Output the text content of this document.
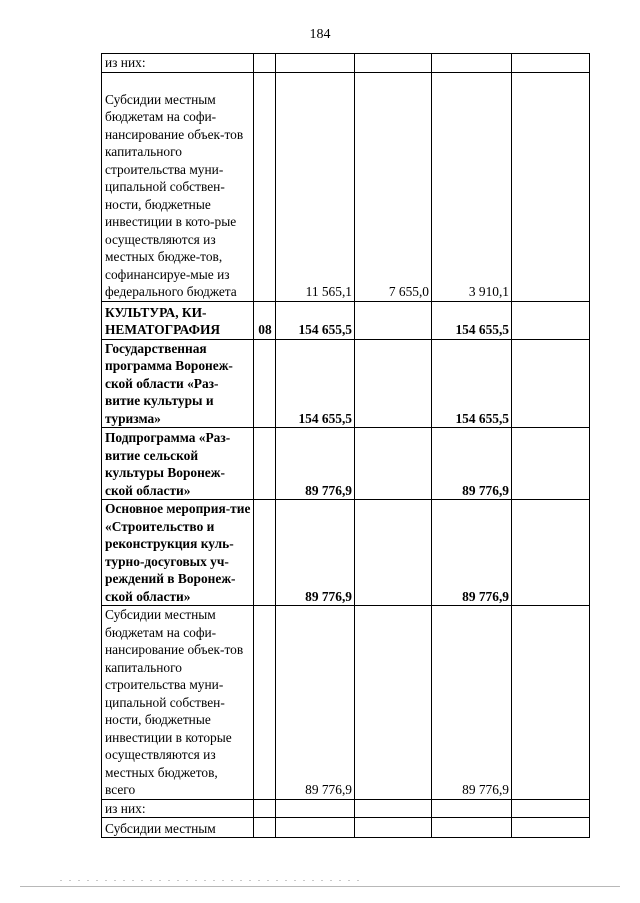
184
из них:					
Субсидии местным бюджетам на софи-нансирование объек-тов капитального строительства муни-ципальной собствен-ности, бюджетные инвестиции в кото-рые осуществляются из местных бюдже-тов, софинансируе-мые из федерального бюджета		11 565,1	7 655,0	3 910,1	
КУЛЬТУРА, КИ-НЕМАТОГРАФИЯ	08	154 655,5		154 655,5	
Государственная программа Воронеж-ской области «Раз-витие культуры и туризма»		154 655,5		154 655,5	
Подпрограмма «Раз-витие сельской культуры Воронеж-ской области»		89 776,9		89 776,9	
Основное мероприя-тие «Строительство и реконструкция куль-турно-досуговых уч-реждений в Воронеж-ской области»		89 776,9		89 776,9	
Субсидии местным бюджетам на софи-нансирование объек-тов капитального строительства муни-ципальной собствен-ности, бюджетные инвестиции в которые осуществляются из местных бюджетов, всего		89 776,9		89 776,9	
из них:					
Субсидии местным					
